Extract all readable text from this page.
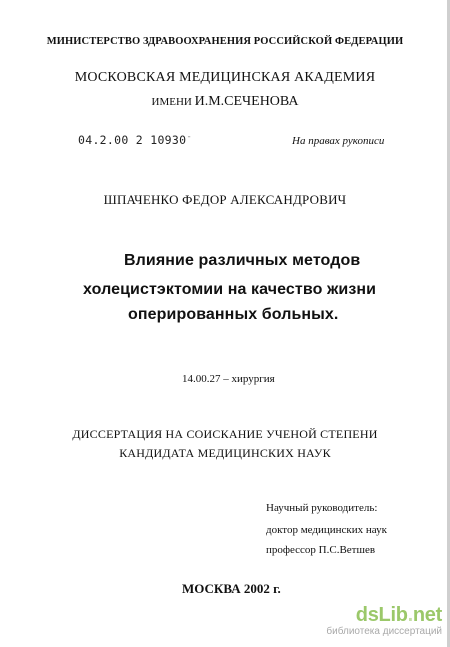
МИНИСТЕРСТВО ЗДРАВООХРАНЕНИЯ РОССИЙСКОЙ ФЕДЕРАЦИИ
МОСКОВСКАЯ МЕДИЦИНСКАЯ АКАДЕМИЯ
ИМЕНИ И.М.СЕЧЕНОВА
04.2.00 2 10930-	На правах рукописи
ШПАЧЕНКО ФЕДОР АЛЕКСАНДРОВИЧ
Влияние различных методов
холецистэктомии на качество жизни
оперированных больных.
14.00.27 – хирургия
ДИССЕРТАЦИЯ НА СОИСКАНИЕ УЧЕНОЙ СТЕПЕНИ
КАНДИДАТА МЕДИЦИНСКИХ НАУК
Научный руководитель:
доктор медицинских наук
профессор П.С.Ветшев
МОСКВА 2002 г.
dsLib.net
библиотека диссертаций
